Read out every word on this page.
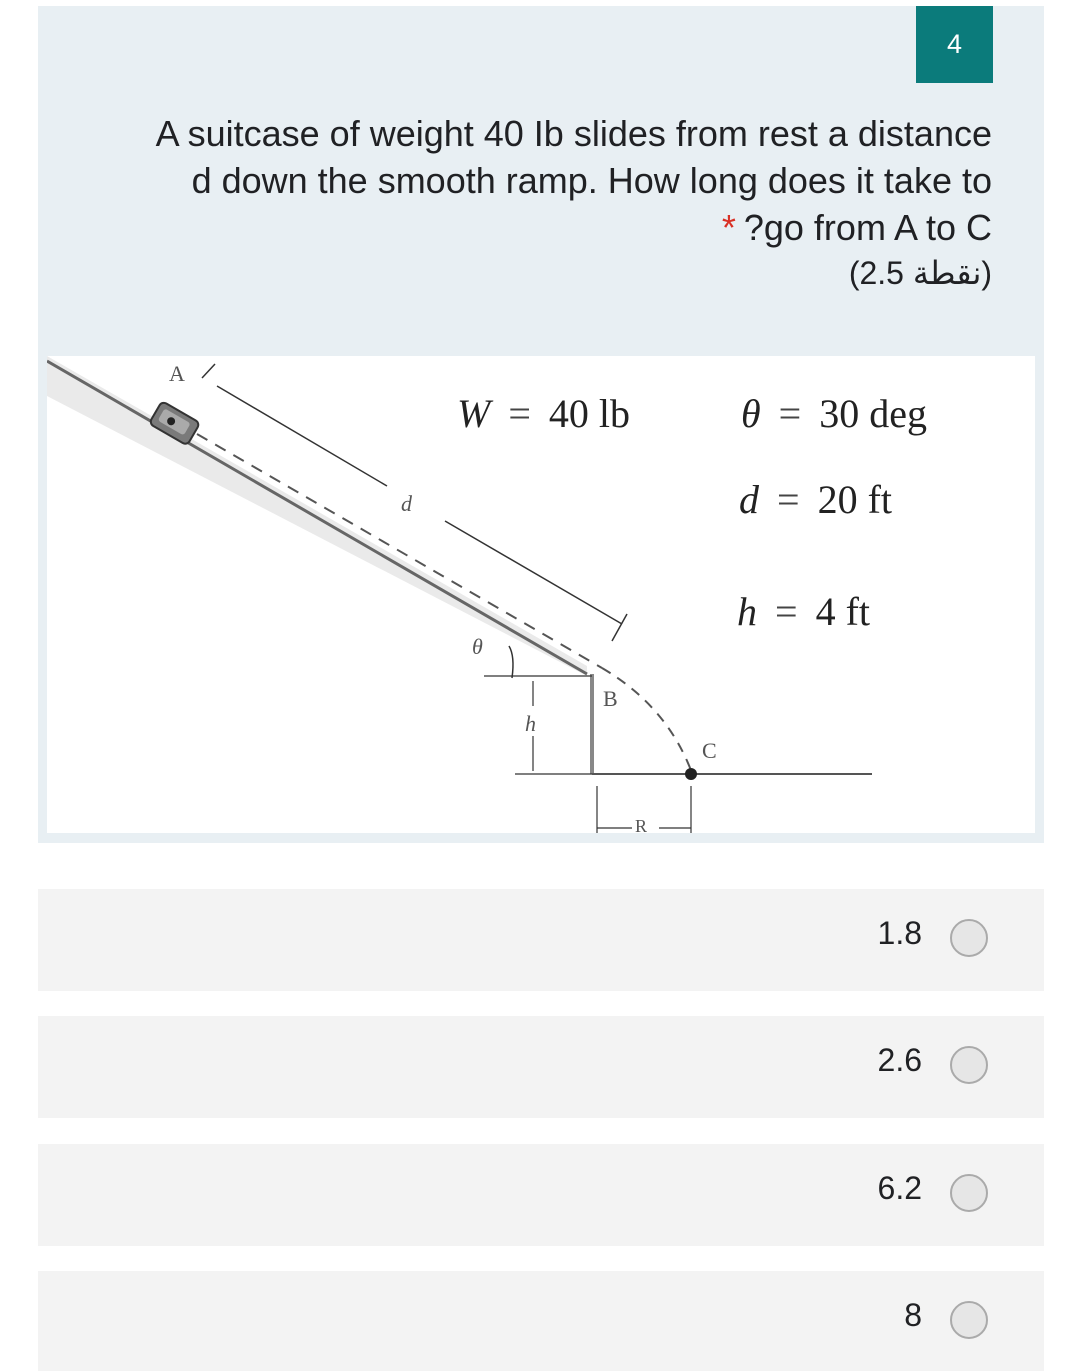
4
A suitcase of weight 40 Ib slides from rest a distance
d down the smooth ramp. How long does it take to
* ?go from A to C
(2.5 نقطة)
A
d
θ
B
h
C
R
W = 40 lb	θ = 30 deg
d = 20 ft
h = 4 ft
1.8
2.6
6.2
8
